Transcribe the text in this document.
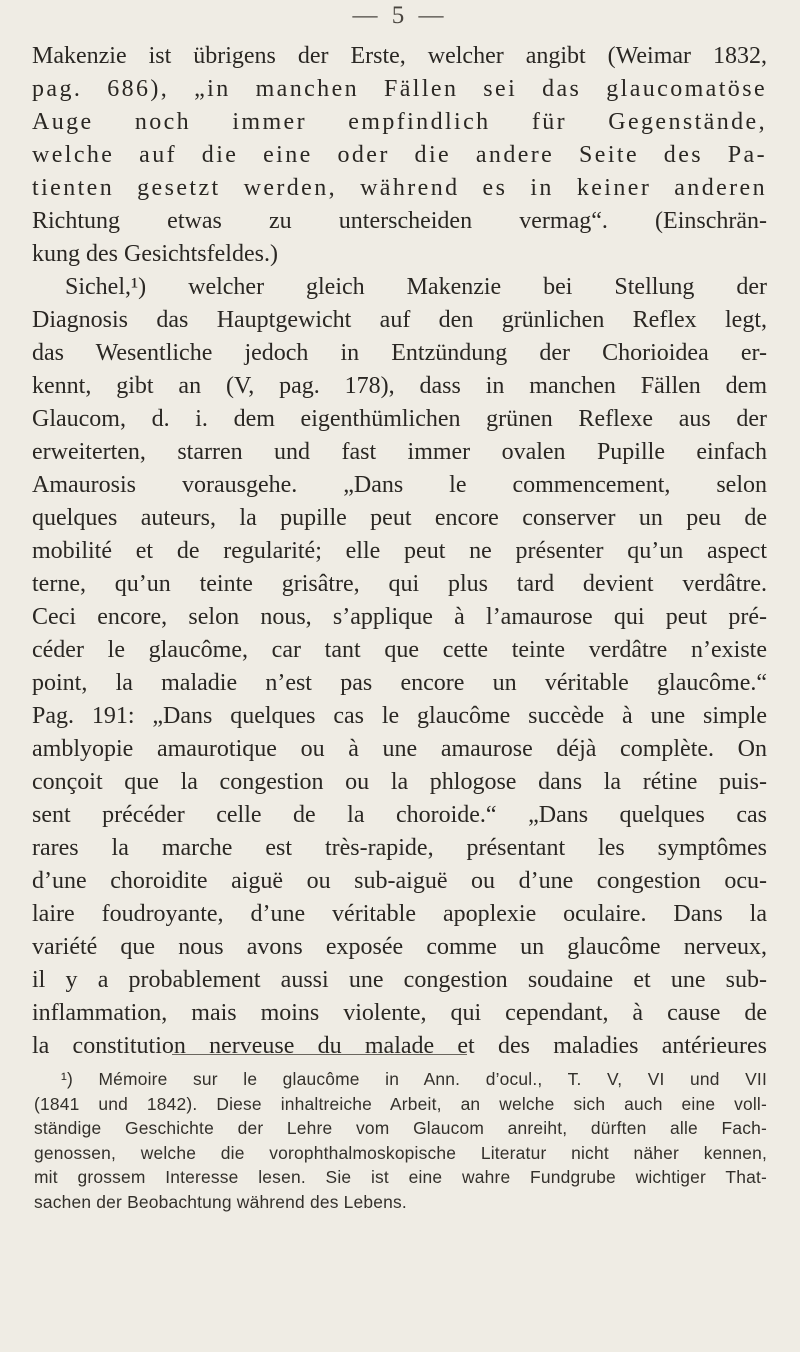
— 5 —
Makenzie ist übrigens der Erste, welcher angibt (Weimar 1832,
pag. 686), „in manchen Fällen sei das glaucomatöse
Auge noch immer empfindlich für Gegenstände,
welche auf die eine oder die andere Seite des Pa-
tienten gesetzt werden, während es in keiner anderen
Richtung etwas zu unterscheiden vermag“. (Einschrän-
kung des Gesichtsfeldes.)
Sichel,¹) welcher gleich Makenzie bei Stellung der
Diagnosis das Hauptgewicht auf den grünlichen Reflex legt,
das Wesentliche jedoch in Entzündung der Chorioidea er-
kennt, gibt an (V, pag. 178), dass in manchen Fällen dem
Glaucom, d. i. dem eigenthümlichen grünen Reflexe aus der
erweiterten, starren und fast immer ovalen Pupille einfach
Amaurosis vorausgehe. „Dans le commencement, selon
quelques auteurs, la pupille peut encore conserver un peu de
mobilité et de regularité; elle peut ne présenter qu’un aspect
terne, qu’un teinte grisâtre, qui plus tard devient verdâtre.
Ceci encore, selon nous, s’applique à l’amaurose qui peut pré-
céder le glaucôme, car tant que cette teinte verdâtre n’existe
point, la maladie n’est pas encore un véritable glaucôme.“
Pag. 191: „Dans quelques cas le glaucôme succède à une simple
amblyopie amaurotique ou à une amaurose déjà complète. On
conçoit que la congestion ou la phlogose dans la rétine puis-
sent précéder celle de la choroide.“ „Dans quelques cas
rares la marche est très-rapide, présentant les symptômes
d’une choroidite aiguë ou sub-aiguë ou d’une congestion ocu-
laire foudroyante, d’une véritable apoplexie oculaire. Dans la
variété que nous avons exposée comme un glaucôme nerveux,
il y a probablement aussi une congestion soudaine et une sub-
inflammation, mais moins violente, qui cependant, à cause de
la constitution nerveuse du malade et des maladies antérieures
¹) Mémoire sur le glaucôme in Ann. d’ocul., T. V, VI und VII
(1841 und 1842). Diese inhaltreiche Arbeit, an welche sich auch eine voll-
ständige Geschichte der Lehre vom Glaucom anreiht, dürften alle Fach-
genossen, welche die vorophthalmoskopische Literatur nicht näher kennen,
mit grossem Interesse lesen. Sie ist eine wahre Fundgrube wichtiger That-
sachen der Beobachtung während des Lebens.
